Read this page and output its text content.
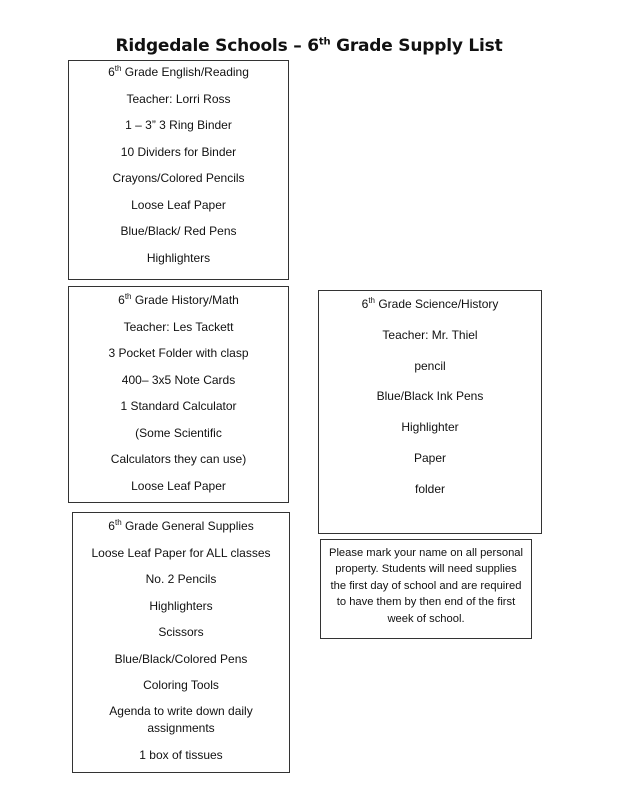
Ridgedale Schools – 6th Grade Supply List
6th Grade English/Reading
Teacher: Lorri Ross
1 – 3” 3 Ring Binder
10 Dividers for Binder
Crayons/Colored Pencils
Loose Leaf Paper
Blue/Black/ Red Pens
Highlighters
6th Grade History/Math
Teacher: Les Tackett
3 Pocket Folder with clasp
400– 3x5 Note Cards
1 Standard Calculator
(Some Scientific
Calculators they can use)
Loose Leaf Paper
6th Grade General Supplies
Loose Leaf Paper for ALL classes
No. 2 Pencils
Highlighters
Scissors
Blue/Black/Colored Pens
Coloring Tools
Agenda to write down daily assignments
1 box of tissues
6th Grade Science/History
Teacher: Mr. Thiel
pencil
Blue/Black Ink Pens
Highlighter
Paper
folder
Please mark your name on all personal property. Students will need supplies the first day of school and are required to have them by then end of the first week of school.
